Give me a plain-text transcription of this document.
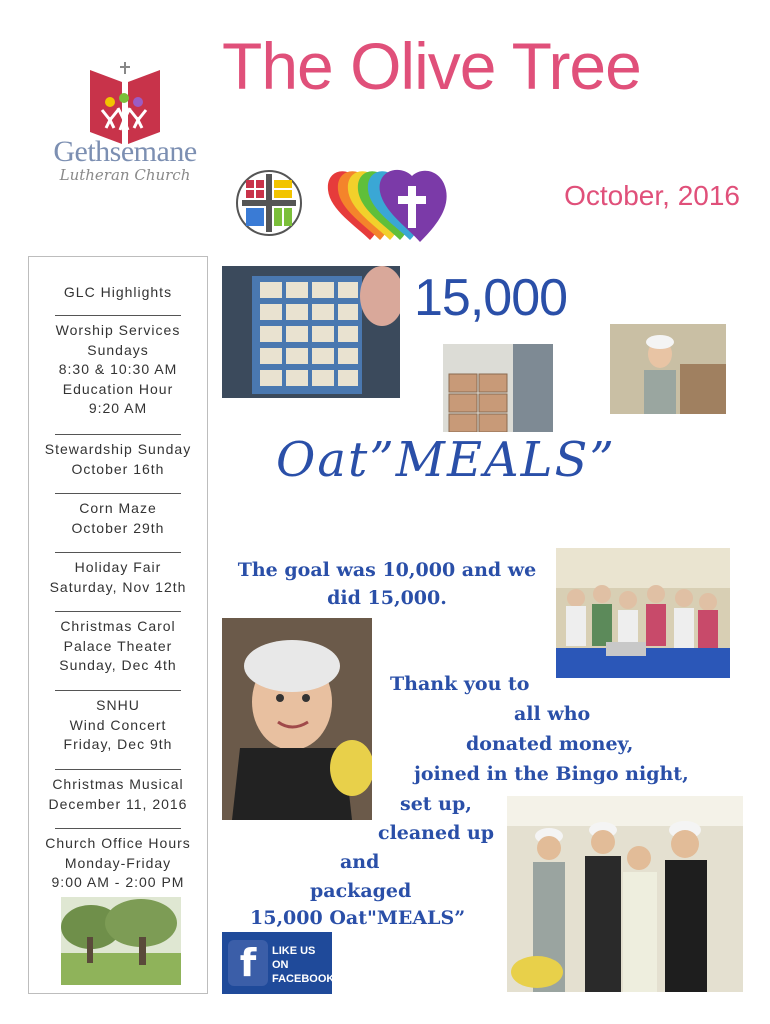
Gethsemane
Lutheran Church
The Olive Tree
October, 2016
GLC Highlights
Worship Services
Sundays
8:30 & 10:30 AM
Education Hour
9:20 AM
Stewardship Sunday
October 16th
Corn Maze
October 29th
Holiday Fair
Saturday, Nov 12th
Christmas Carol
Palace Theater
Sunday, Dec 4th
SNHU
Wind Concert
Friday, Dec 9th
Christmas Musical
December 11, 2016
Church Office Hours
Monday-Friday
9:00 AM - 2:00 PM
15,000
Oat”MEALS”
The goal was 10,000 and we did 15,000.
Thank you to
all who
donated money,
joined in the Bingo night,
set up,
cleaned up
and
packaged
15,000 Oat"MEALS”
f	LIKE US ON
FACEBOOK!
